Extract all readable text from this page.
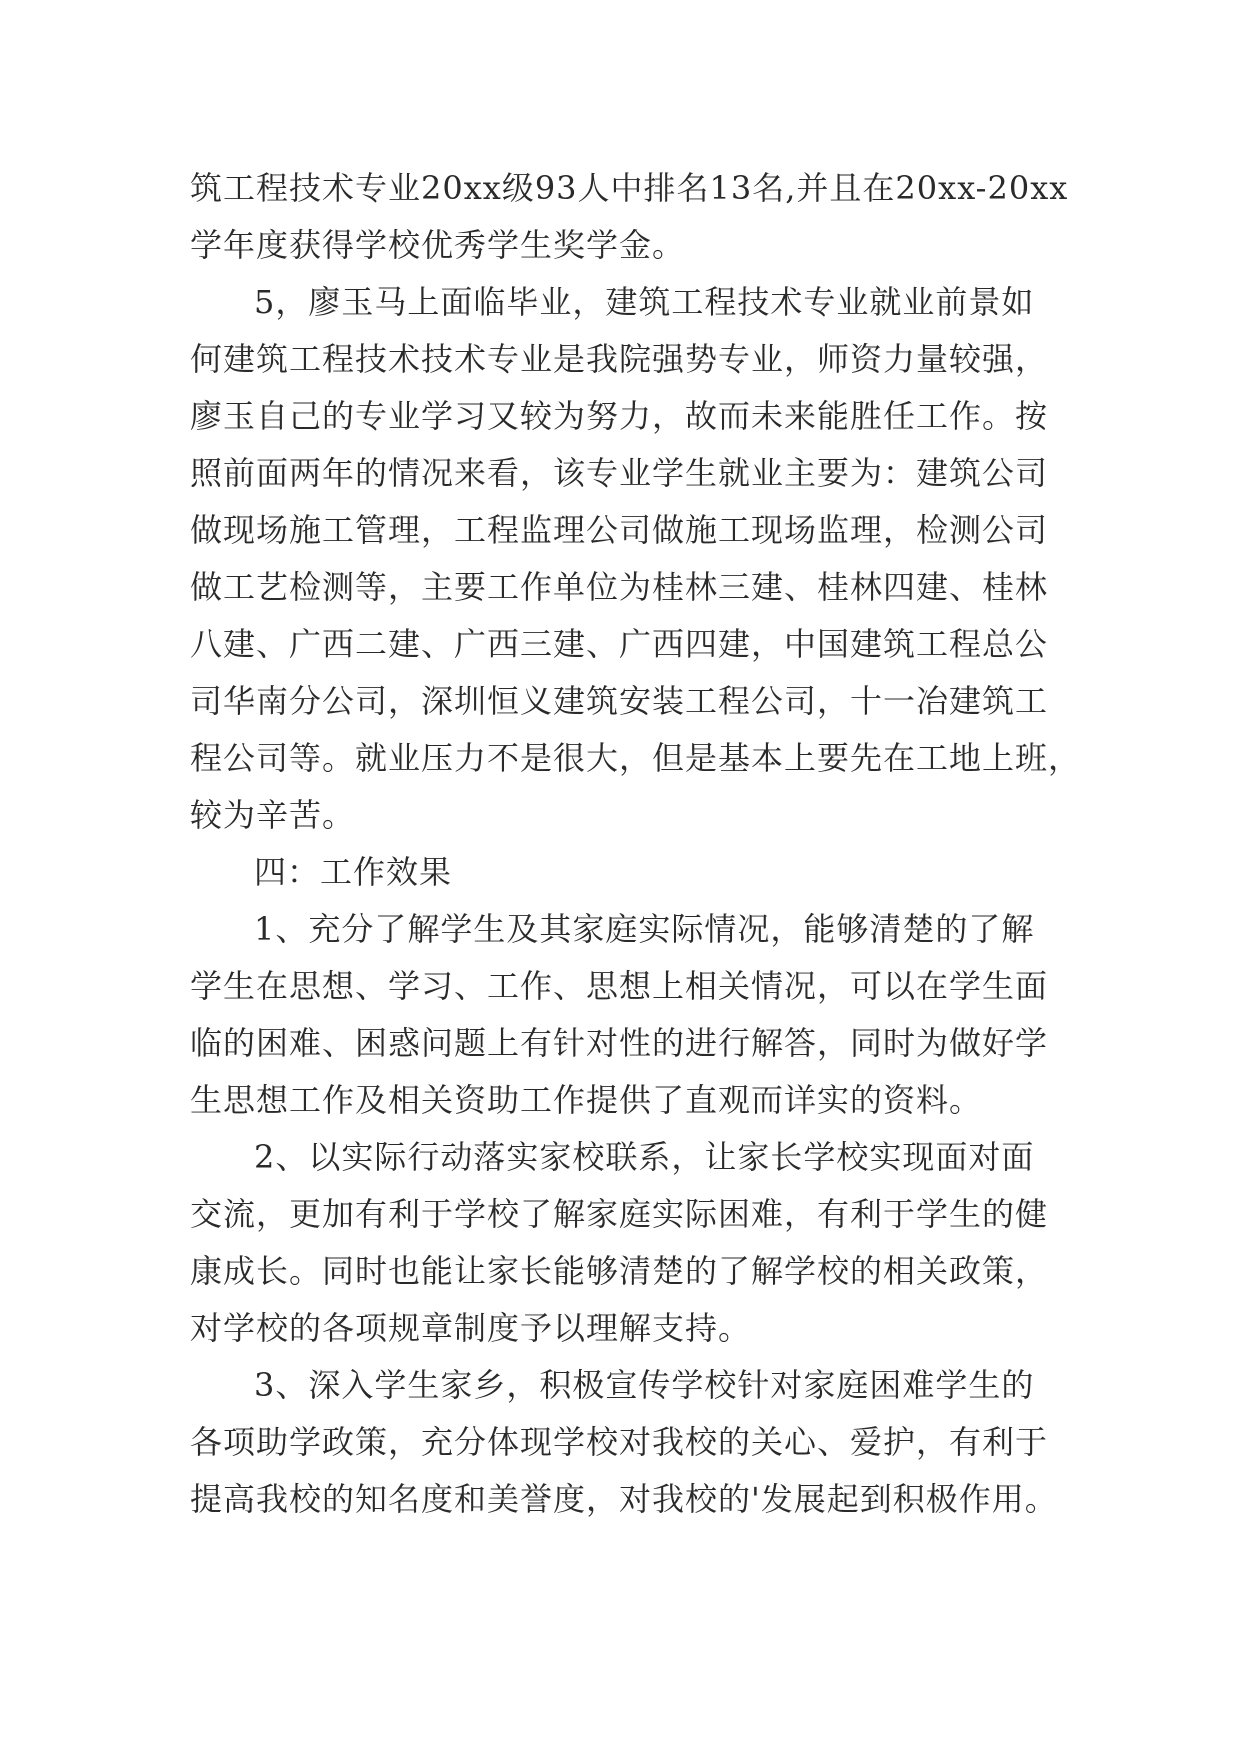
筑工程技术专业20xx级93人中排名13名,并且在20xx-20xx
学年度获得学校优秀学生奖学金。
5，廖玉马上面临毕业，建筑工程技术专业就业前景如
何建筑工程技术技术专业是我院强势专业，师资力量较强，
廖玉自己的专业学习又较为努力，故而未来能胜任工作。按
照前面两年的情况来看，该专业学生就业主要为：建筑公司
做现场施工管理，工程监理公司做施工现场监理，检测公司
做工艺检测等，主要工作单位为桂林三建、桂林四建、桂林
八建、广西二建、广西三建、广西四建，中国建筑工程总公
司华南分公司，深圳恒义建筑安装工程公司，十一冶建筑工
程公司等。就业压力不是很大，但是基本上要先在工地上班，
较为辛苦。
四：工作效果
1、充分了解学生及其家庭实际情况，能够清楚的了解
学生在思想、学习、工作、思想上相关情况，可以在学生面
临的困难、困惑问题上有针对性的进行解答，同时为做好学
生思想工作及相关资助工作提供了直观而详实的资料。
2、以实际行动落实家校联系，让家长学校实现面对面
交流，更加有利于学校了解家庭实际困难，有利于学生的健
康成长。同时也能让家长能够清楚的了解学校的相关政策，
对学校的各项规章制度予以理解支持。
3、深入学生家乡，积极宣传学校针对家庭困难学生的
各项助学政策，充分体现学校对我校的关心、爱护，有利于
提高我校的知名度和美誉度，对我校的'发展起到积极作用。
